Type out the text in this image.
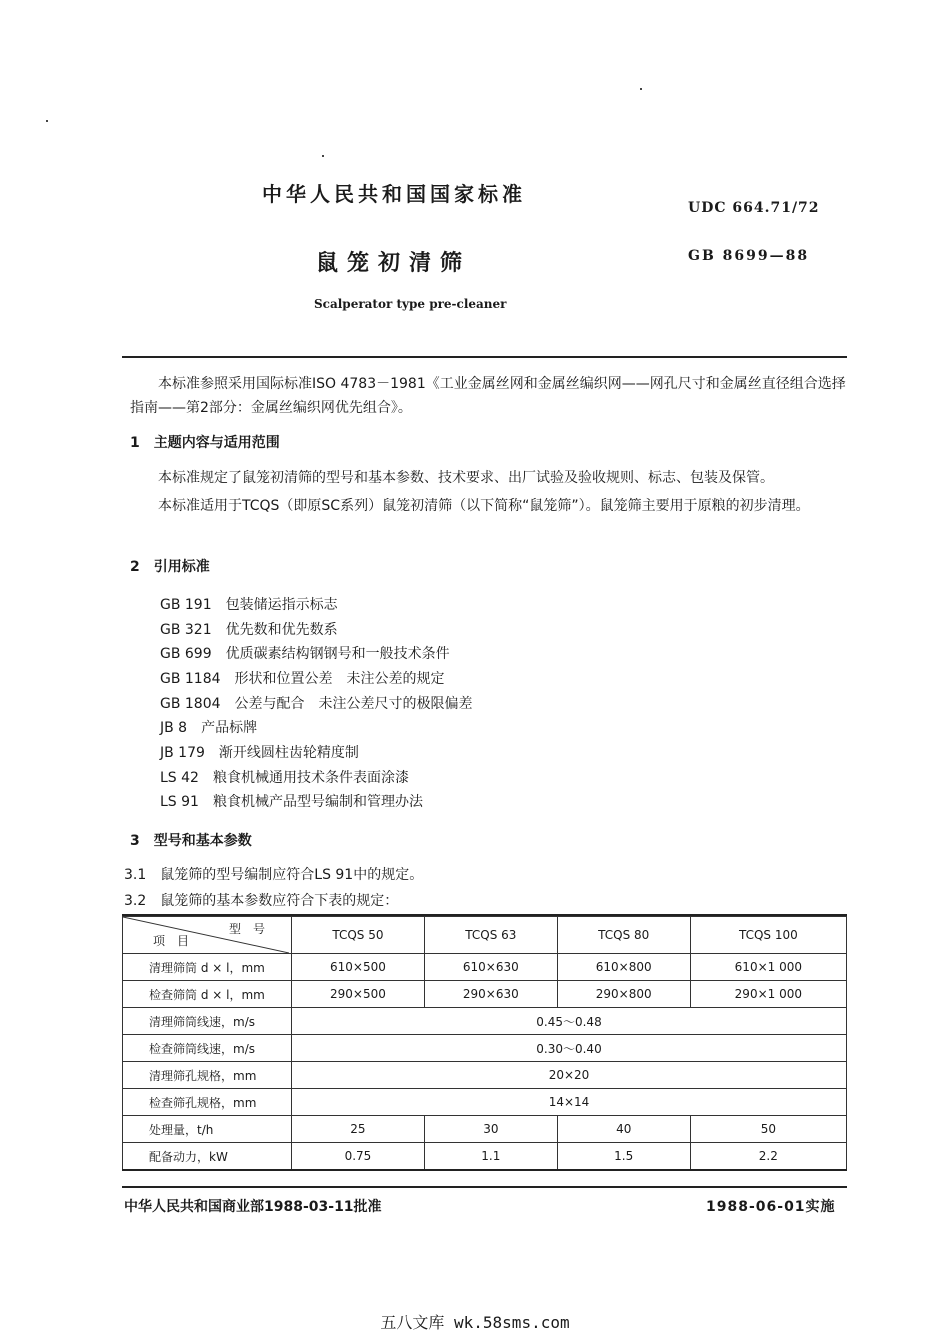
中华人民共和国国家标准
UDC 664.71/72
鼠笼初清筛	GB 8699—88
Scalperator type pre-cleaner
本标准参照采用国际标准ISO 4783－1981《工业金属丝网和金属丝编织网——网孔尺寸和金属丝直径组合选择指南——第2部分：金属丝编织网优先组合》。
1　主题内容与适用范围
本标准规定了鼠笼初清筛的型号和基本参数、技术要求、出厂试验及验收规则、标志、包装及保管。
本标准适用于TCQS（即原SC系列）鼠笼初清筛（以下简称“鼠笼筛”）。鼠笼筛主要用于原粮的初步清理。
2　引用标准
GB 191　包装储运指示标志
GB 321　优先数和优先数系
GB 699　优质碳素结构钢钢号和一般技术条件
GB 1184　形状和位置公差　未注公差的规定
GB 1804　公差与配合　未注公差尺寸的极限偏差
JB 8　产品标牌
JB 179　渐开线圆柱齿轮精度制
LS 42　粮食机械通用技术条件表面涂漆
LS 91　粮食机械产品型号编制和管理办法
3　型号和基本参数
3.1　鼠笼筛的型号编制应符合LS 91中的规定。
3.2　鼠笼筛的基本参数应符合下表的规定：
型　号
项　目	TCQS 50	TCQS 63	TCQS 80	TCQS 100
清理筛筒 d × l，mm	610×500	610×630	610×800	610×1 000
检查筛筒 d × l，mm	290×500	290×630	290×800	290×1 000
清理筛筒线速，m/s	0.45～0.48			
检查筛筒线速，m/s	0.30～0.40			
清理筛孔规格，mm	20×20			
检查筛孔规格，mm	14×14			
处理量，t/h	25	30	40	50
配备动力，kW	0.75	1.1	1.5	2.2
中华人民共和国商业部1988-03-11批准	1988-06-01实施
五八文库 wk.58sms.com
